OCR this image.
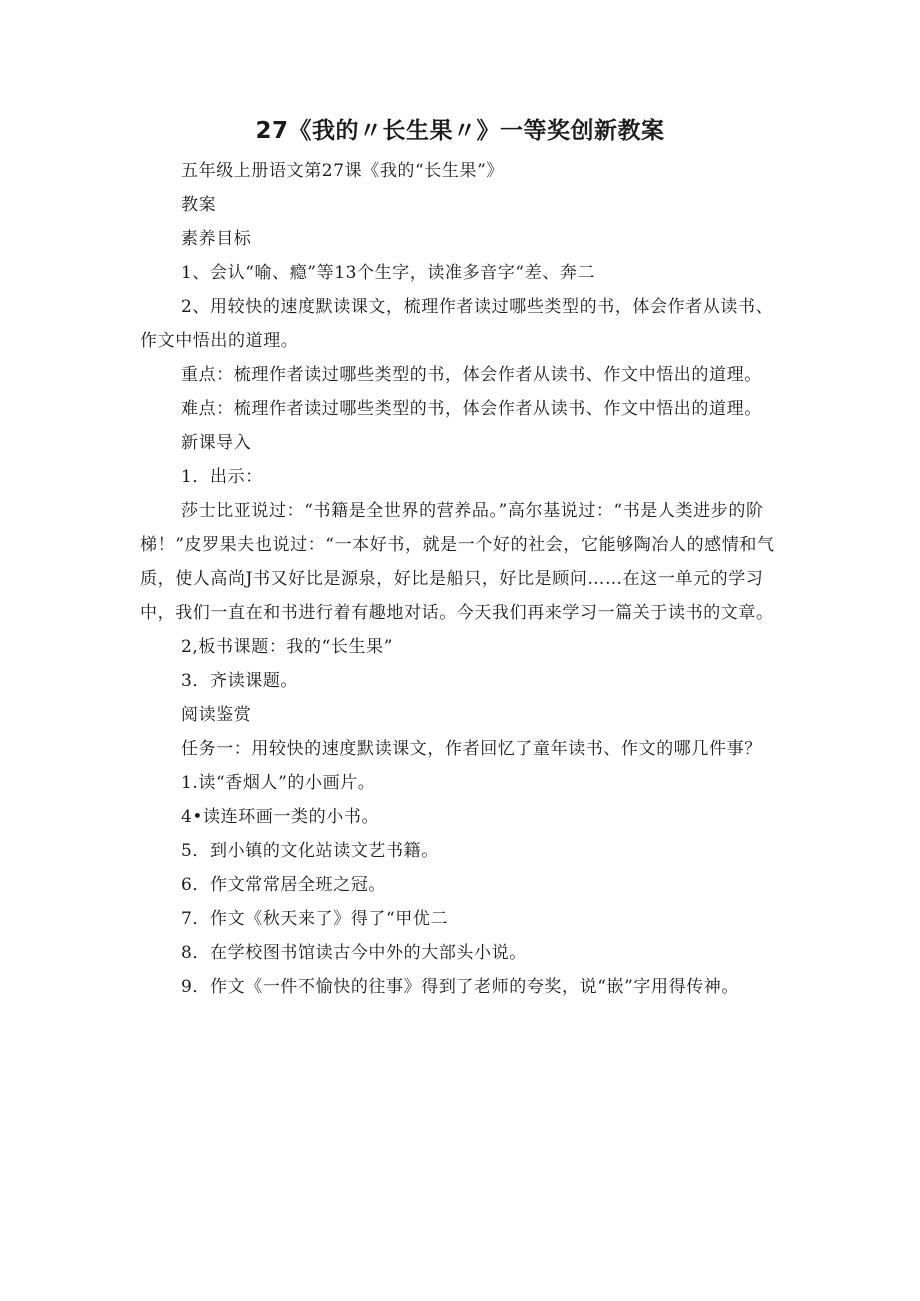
27《我的〃长生果〃》一等奖创新教案

五年级上册语文第27课《我的“长生果”》

教案

素养目标

1、会认“喻、瘾”等13个生字，读准多音字“差、奔二

2、用较快的速度默读课文，梳理作者读过哪些类型的书，体会作者从读书、作文中悟出的道理。

重点：梳理作者读过哪些类型的书，体会作者从读书、作文中悟出的道理。

难点：梳理作者读过哪些类型的书，体会作者从读书、作文中悟出的道理。

新课导入

1．出示：

莎士比亚说过：“书籍是全世界的营养品。”高尔基说过：“书是人类进步的阶梯！”皮罗果夫也说过：“一本好书，就是一个好的社会，它能够陶冶人的感情和气质，使人高尚J书又好比是源泉，好比是船只，好比是顾问……在这一单元的学习中，我们一直在和书进行着有趣地对话。今天我们再来学习一篇关于读书的文章。

2,板书课题：我的“长生果”

3．齐读课题。

阅读鉴赏

任务一：用较快的速度默读课文，作者回忆了童年读书、作文的哪几件事？

1.读“香烟人”的小画片。

4•读连环画一类的小书。

5．到小镇的文化站读文艺书籍。

6．作文常常居全班之冠。

7．作文《秋天来了》得了“甲优二

8．在学校图书馆读古今中外的大部头小说。

9．作文《一件不愉快的往事》得到了老师的夸奖，说“嵌”字用得传神。
